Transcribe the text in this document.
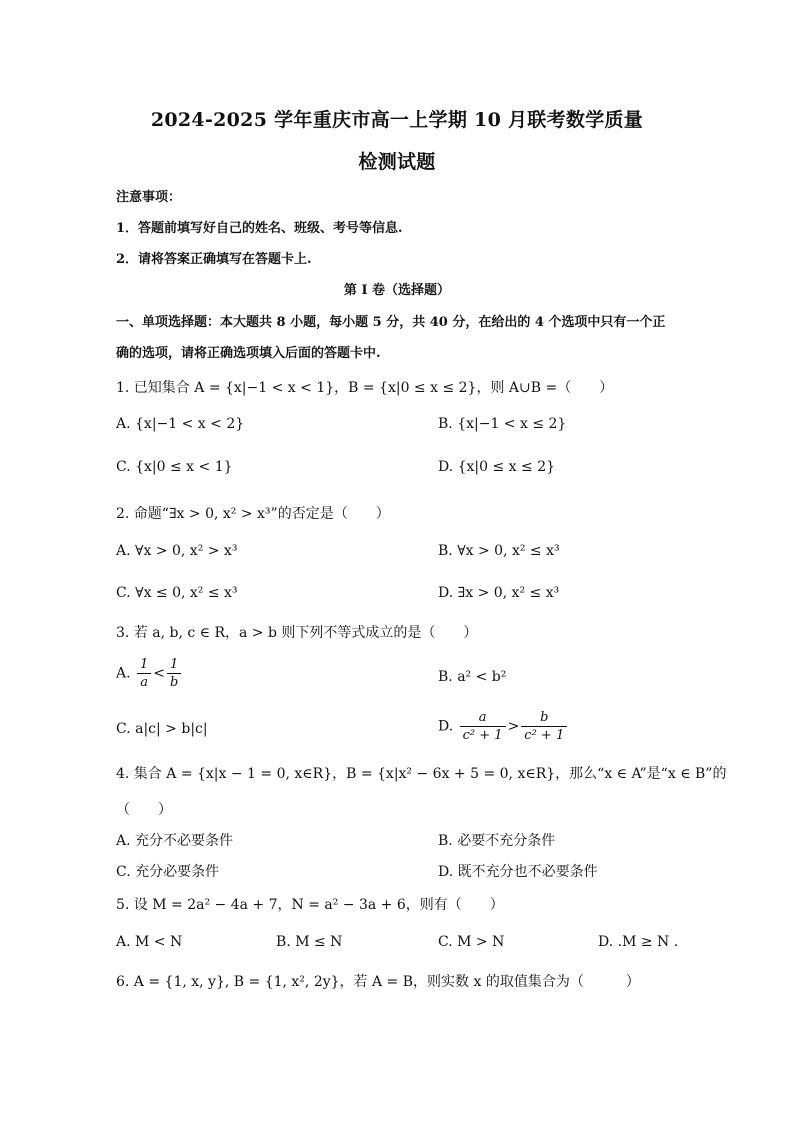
2024-2025 学年重庆市高一上学期 10 月联考数学质量
检测试题
注意事项：
1．答题前填写好自己的姓名、班级、考号等信息.
2．请将答案正确填写在答题卡上.
第 I 卷（选择题）
一、单项选择题：本大题共 8 小题，每小题 5 分，共 40 分，在给出的 4 个选项中只有一个正
确的选项，请将正确选项填入后面的答题卡中.
1. 已知集合 A = {x|−1 < x < 1}，B = {x|0 ≤ x ≤ 2}，则 A∪B =（　　）
A. {x|−1 < x < 2}	B. {x|−1 < x ≤ 2}
C. {x|0 ≤ x < 1}	D. {x|0 ≤ x ≤ 2}
2. 命题“∃x > 0, x² > x³”的否定是（　　）
A. ∀x > 0, x² > x³	B. ∀x > 0, x² ≤ x³
C. ∀x ≤ 0, x² ≤ x³	D. ∃x > 0, x² ≤ x³
3. 若 a, b, c ∈ R，a > b 则下列不等式成立的是（　　）
A. $\frac{1}{a} < \frac{1}{b}$	B. a² < b²
C. a|c| > b|c|	D. $\frac{a}{\text{c² + 1}} > \frac{b}{\text{c² + 1}}$
4. 集合 A = {x|x − 1 = 0, x∈R}，B = {x|x² − 6x + 5 = 0, x∈R}，那么“x ∈ A”是“x ∈ B”的
（　　）
A. 充分不必要条件	B. 必要不充分条件
C. 充分必要条件	D. 既不充分也不必要条件
5. 设 M = 2a² − 4a + 7，N = a² − 3a + 6，则有（　　）
A. M < N	B. M ≤ N	C. M > N	D. .M ≥ N .
6. A = {1, x, y}, B = {1, x², 2y}，若 A = B，则实数 x 的取值集合为（　　　）
